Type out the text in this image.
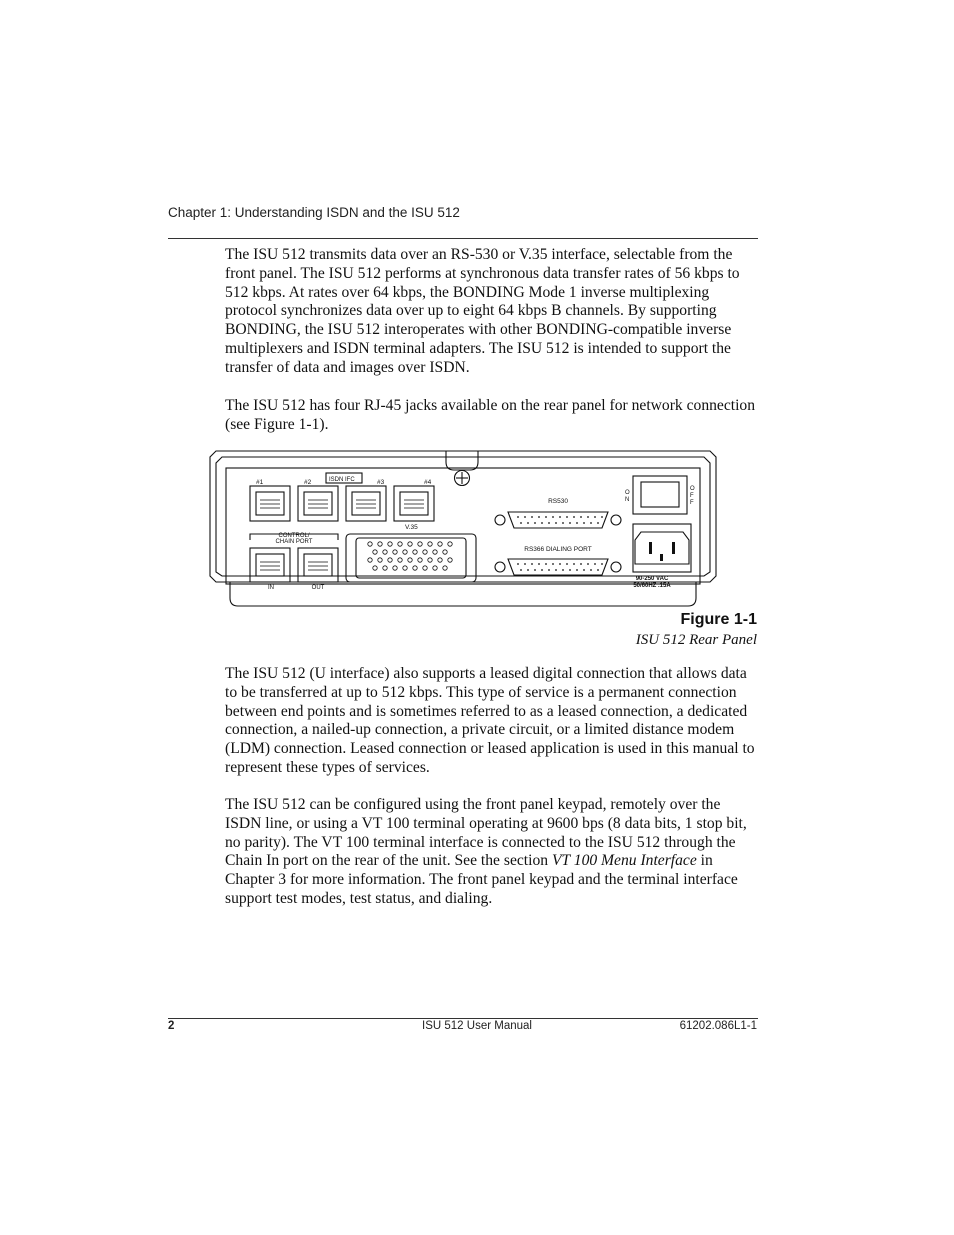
Chapter 1: Understanding ISDN and the ISU 512

The ISU 512 transmits data over an RS-530 or V.35 interface, selectable from the front panel. The ISU 512 performs at synchronous data transfer rates of 56 kbps to 512 kbps. At rates over 64 kbps, the BONDING Mode 1 inverse multiplexing protocol synchronizes data over up to eight 64 kbps B channels. By supporting BONDING, the ISU 512 interoperates with other BONDING-compatible inverse multiplexers and ISDN terminal adapters. The ISU 512 is intended to support the transfer of data and images over ISDN.

The ISU 512 has four RJ-45 jacks available on the rear panel for network connection (see Figure 1-1).

#1	#2	#3	#4
ISDN IFC
V.35
CONTROL/
CHAIN PORT
IN	OUT
RS530
RS366 DIALING PORT
O
N
O
F
F
90-250 VAC
50/60HZ .15A
Figure 1-1
ISU 512 Rear Panel

The ISU 512 (U interface) also supports a leased digital connection that allows data to be transferred at up to 512 kbps. This type of service is a permanent connection between end points and is sometimes referred to as a leased connection, a dedicated connection, a nailed-up connection, a private circuit, or a limited distance modem (LDM) connection. Leased connection or leased application is used in this manual to represent these types of services.

The ISU 512 can be configured using the front panel keypad, remotely over the ISDN line, or using a VT 100 terminal operating at 9600 bps (8 data bits, 1 stop bit, no parity). The VT 100 terminal interface is connected to the ISU 512 through the Chain In port on the rear of the unit. See the section VT 100 Menu Interface in Chapter 3 for more information. The front panel keypad and the terminal interface support test modes, test status, and dialing.

2	ISU 512 User Manual	61202.086L1-1
